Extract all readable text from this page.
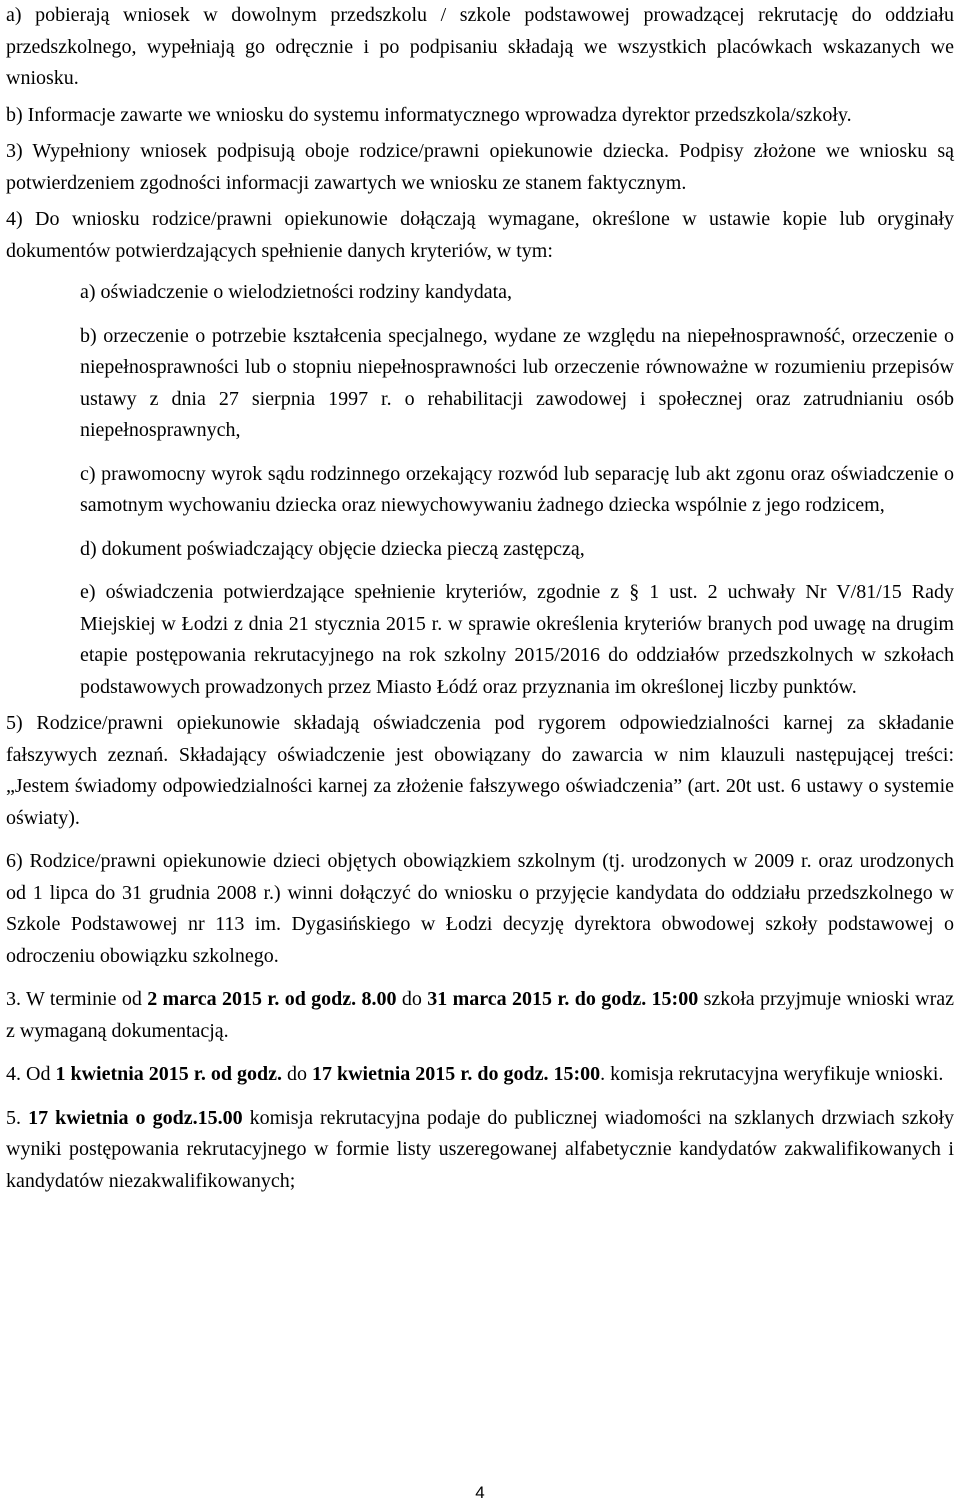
a) pobierają wniosek w dowolnym przedszkolu / szkole podstawowej prowadzącej rekrutację do oddziału przedszkolnego, wypełniają go odręcznie i po podpisaniu składają we wszystkich placówkach wskazanych we wniosku.

b) Informacje zawarte we wniosku do systemu informatycznego wprowadza dyrektor przedszkola/szkoły.

3) Wypełniony wniosek podpisują oboje rodzice/prawni opiekunowie dziecka. Podpisy złożone we wniosku są potwierdzeniem zgodności informacji zawartych we wniosku ze stanem faktycznym.

4) Do wniosku rodzice/prawni opiekunowie dołączają wymagane, określone w ustawie kopie lub oryginały dokumentów potwierdzających spełnienie danych kryteriów, w tym:

a) oświadczenie o wielodzietności rodziny kandydata,

b) orzeczenie o potrzebie kształcenia specjalnego, wydane ze względu na niepełnosprawność, orzeczenie o niepełnosprawności lub o stopniu niepełnosprawności lub orzeczenie równoważne w rozumieniu przepisów ustawy z dnia 27 sierpnia 1997 r. o rehabilitacji zawodowej i społecznej oraz zatrudnianiu osób niepełnosprawnych,

c) prawomocny wyrok sądu rodzinnego orzekający rozwód lub separację lub akt zgonu oraz oświadczenie o samotnym wychowaniu dziecka oraz niewychowywaniu żadnego dziecka wspólnie z jego rodzicem,

d) dokument poświadczający objęcie dziecka pieczą zastępczą,

e) oświadczenia potwierdzające spełnienie kryteriów, zgodnie z § 1 ust. 2 uchwały Nr V/81/15 Rady Miejskiej w Łodzi z dnia 21 stycznia 2015 r. w sprawie określenia kryteriów branych pod uwagę na drugim etapie postępowania rekrutacyjnego na rok szkolny 2015/2016 do oddziałów przedszkolnych w szkołach podstawowych prowadzonych przez Miasto Łódź oraz przyznania im określonej liczby punktów.

5) Rodzice/prawni opiekunowie składają oświadczenia pod rygorem odpowiedzialności karnej za składanie fałszywych zeznań. Składający oświadczenie jest obowiązany do zawarcia w nim klauzuli następującej treści: „Jestem świadomy odpowiedzialności karnej za złożenie fałszywego oświadczenia” (art. 20t ust. 6 ustawy o systemie oświaty).

6) Rodzice/prawni opiekunowie dzieci objętych obowiązkiem szkolnym (tj. urodzonych w 2009 r. oraz urodzonych od 1 lipca do 31 grudnia 2008 r.) winni dołączyć do wniosku o przyjęcie kandydata do oddziału przedszkolnego w Szkole Podstawowej nr 113 im. Dygasińskiego w Łodzi decyzję dyrektora obwodowej szkoły podstawowej o odroczeniu obowiązku szkolnego.

3. W terminie od 2 marca 2015 r. od godz. 8.00 do 31 marca 2015 r. do godz. 15:00 szkoła przyjmuje wnioski wraz z wymaganą dokumentacją.

4. Od 1 kwietnia 2015 r. od godz. do 17 kwietnia 2015 r. do godz. 15:00. komisja rekrutacyjna weryfikuje wnioski.

5. 17 kwietnia o godz.15.00 komisja rekrutacyjna podaje do publicznej wiadomości na szklanych drzwiach szkoły wyniki postępowania rekrutacyjnego w formie listy uszeregowanej alfabetycznie kandydatów zakwalifikowanych i kandydatów niezakwalifikowanych;

4
